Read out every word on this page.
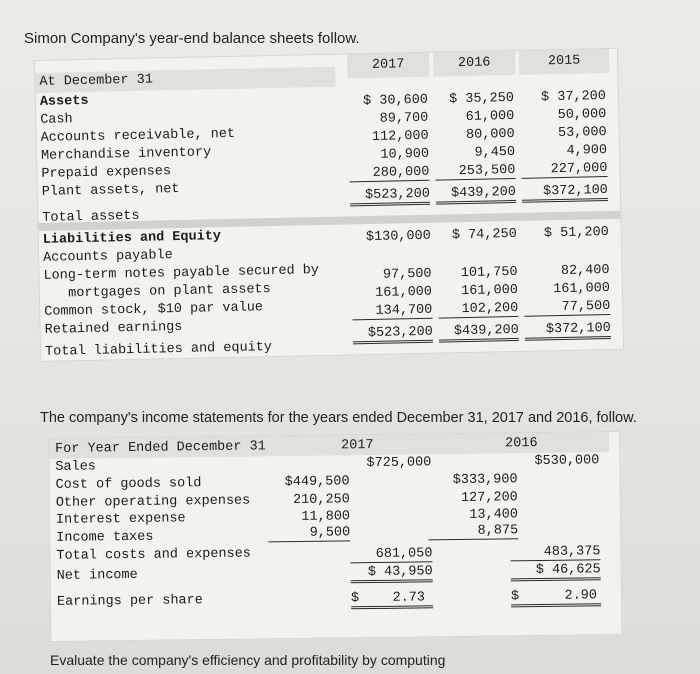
Simon Company's year-end balance sheets follow.
At December 31
2017	2016	2015
Assets
Cash
$ 30,600	$ 35,250	$ 37,200
Accounts receivable, net
89,700	61,000	50,000
Merchandise inventory
112,000	80,000	53,000
Prepaid expenses
10,900	9,450	4,900
Plant assets, net
280,000	253,500	227,000
Total assets
$523,200	$439,200	$372,100
Liabilities and Equity
Accounts payable
$130,000	$ 74,250	$ 51,200
Long-term notes payable secured by
mortgages on plant assets
97,500	101,750	82,400
Common stock, $10 par value
161,000	161,000	161,000
Retained earnings
134,700	102,200	77,500
Total liabilities and equity
$523,200	$439,200	$372,100
The company's income statements for the years ended December 31, 2017 and 2016, follow.
For Year Ended December 31	2017	2016
Sales	$725,000	$530,000
Cost of goods sold	$449,500	$333,900
Other operating expenses	210,250	127,200
Interest expense	11,800	13,400
Income taxes	9,500	8,875
Total costs and expenses	681,050	483,375
Net income	$ 43,950	$ 46,625
Earnings per share	$ 2.73	$	2.90
Evaluate the company's efficiency and profitability by computing
